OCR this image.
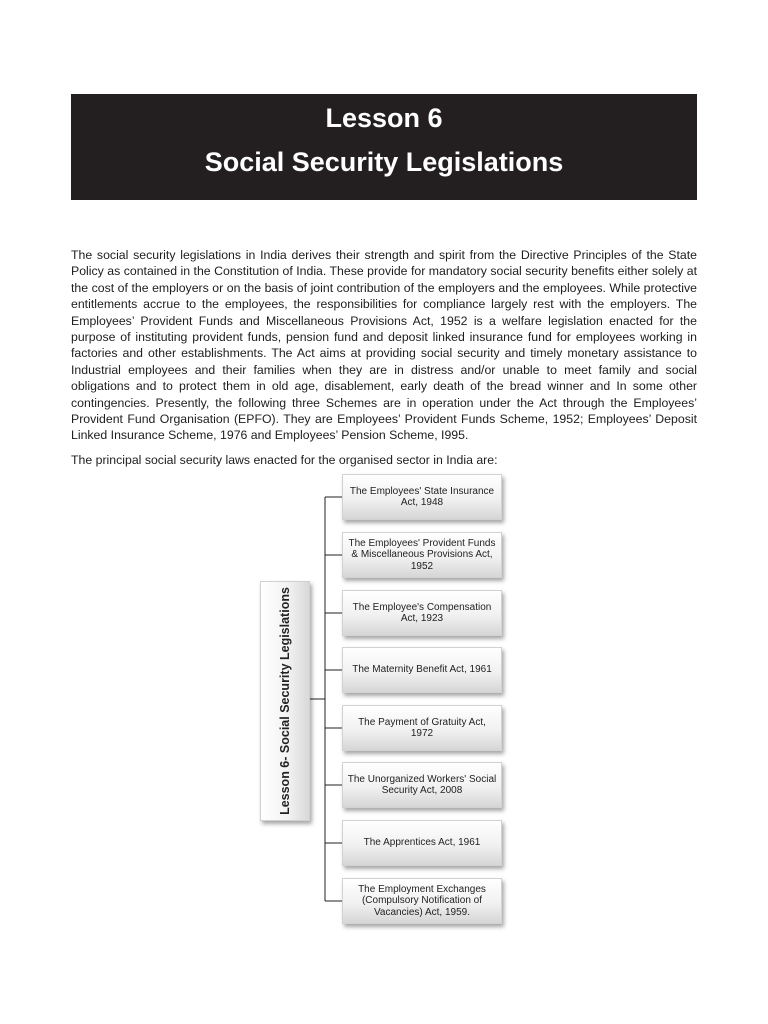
Lesson 6
Social Security Legislations

The social security legislations in India derives their strength and spirit from the Directive Principles of the State Policy as contained in the Constitution of India. These provide for mandatory social security benefits either solely at the cost of the employers or on the basis of joint contribution of the employers and the employees. While protective entitlements accrue to the employees, the responsibilities for compliance largely rest with the employers. The Employees’ Provident Funds and Miscellaneous Provisions Act, 1952 is a welfare legislation enacted for the purpose of instituting provident funds, pension fund and deposit linked insurance fund for employees working in factories and other establishments. The Act aims at providing social security and timely monetary assistance to Industrial employees and their families when they are in distress and/or unable to meet family and social obligations and to protect them in old age, disablement, early death of the bread winner and In some other contingencies. Presently, the following three Schemes are in operation under the Act through the Employees’ Provident Fund Organisation (EPFO). They are Employees’ Provident Funds Scheme, 1952; Employees’ Deposit Linked Insurance Scheme, 1976 and Employees’ Pension Scheme, I995.

The principal social security laws enacted for the organised sector in India are:

Lesson 6- Social Security Legislations
The Employees' State Insurance Act, 1948
The Employees' Provident Funds & Miscellaneous Provisions Act, 1952
The Employee's Compensation Act, 1923
The Maternity Benefit Act, 1961
The Payment of Gratuity Act, 1972
The Unorganized Workers' Social Security Act, 2008
The Apprentices Act, 1961
The Employment Exchanges (Compulsory Notification of Vacancies) Act, 1959.
